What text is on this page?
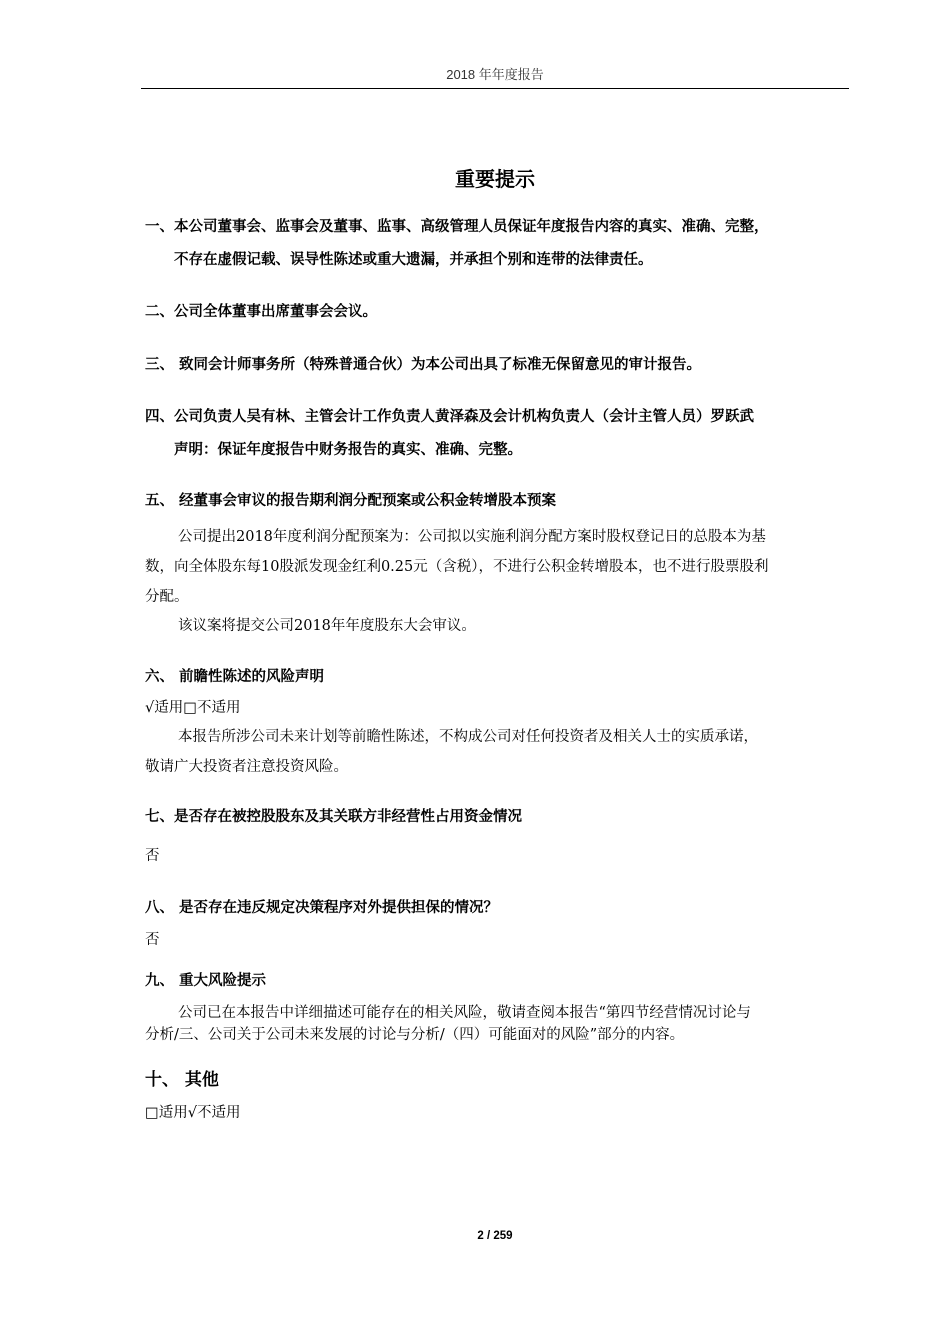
2018 年年度报告
重要提示
一、本公司董事会、监事会及董事、监事、高级管理人员保证年度报告内容的真实、准确、完整，
不存在虚假记载、误导性陈述或重大遗漏，并承担个别和连带的法律责任。
二、公司全体董事出席董事会会议。
三、 致同会计师事务所（特殊普通合伙）为本公司出具了标准无保留意见的审计报告。
四、公司负责人吴有林、主管会计工作负责人黄泽森及会计机构负责人（会计主管人员）罗跃武
声明：保证年度报告中财务报告的真实、准确、完整。
五、 经董事会审议的报告期利润分配预案或公积金转增股本预案
公司提出2018年度利润分配预案为：公司拟以实施利润分配方案时股权登记日的总股本为基
数，向全体股东每10股派发现金红利0.25元（含税），不进行公积金转增股本，也不进行股票股利
分配。
该议案将提交公司2018年年度股东大会审议。
六、 前瞻性陈述的风险声明
√适用□不适用
本报告所涉公司未来计划等前瞻性陈述，不构成公司对任何投资者及相关人士的实质承诺，
敬请广大投资者注意投资风险。
七、是否存在被控股股东及其关联方非经营性占用资金情况
否
八、 是否存在违反规定决策程序对外提供担保的情况？
否
九、 重大风险提示
公司已在本报告中详细描述可能存在的相关风险，敬请查阅本报告“第四节经营情况讨论与
分析/三、公司关于公司未来发展的讨论与分析/（四）可能面对的风险”部分的内容。
十、 其他
□适用√不适用
2 / 259
